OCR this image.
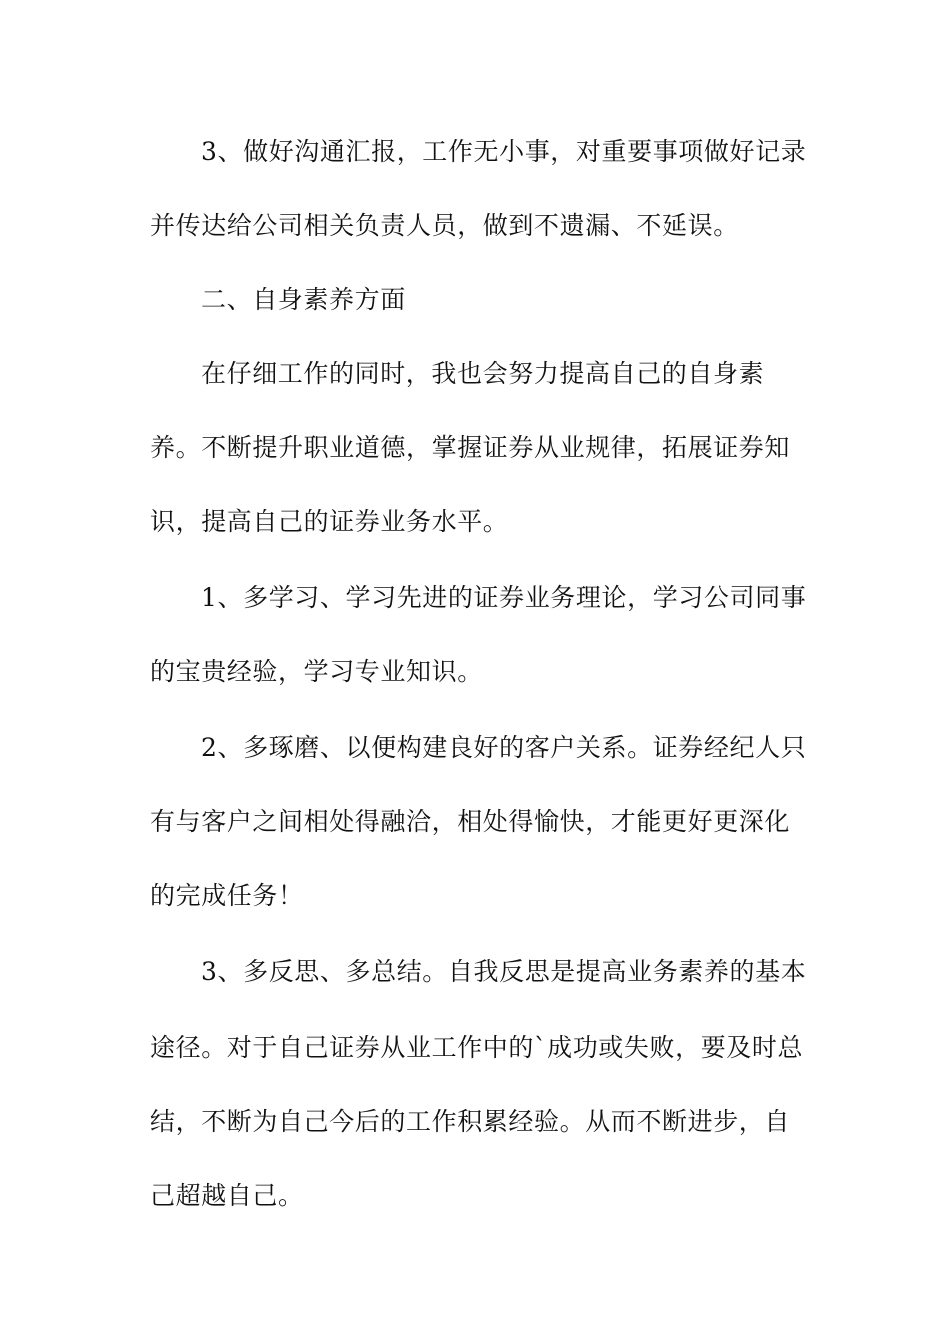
3、做好沟通汇报，工作无小事，对重要事项做好记录
并传达给公司相关负责人员，做到不遗漏、不延误。
二、自身素养方面
在仔细工作的同时，我也会努力提高自己的自身素
养。不断提升职业道德，掌握证券从业规律，拓展证券知
识，提高自己的证券业务水平。
1、多学习、学习先进的证券业务理论，学习公司同事
的宝贵经验，学习专业知识。
2、多琢磨、以便构建良好的客户关系。证券经纪人只
有与客户之间相处得融洽，相处得愉快，才能更好更深化
的完成任务！
3、多反思、多总结。自我反思是提高业务素养的基本
途径。对于自己证券从业工作中的`成功或失败，要及时总
结，不断为自己今后的工作积累经验。从而不断进步，自
己超越自己。
